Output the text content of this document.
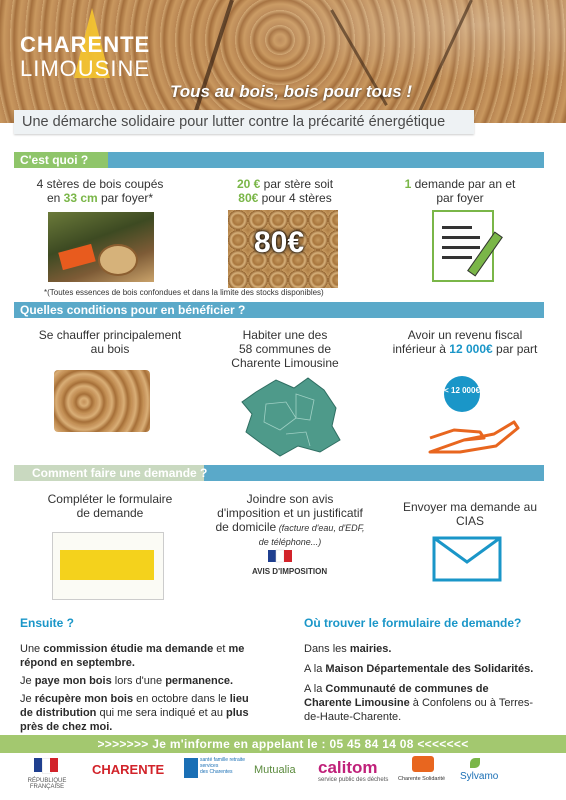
CHARENTE
LIMOUSINE
Tous au bois, bois pour tous !
Une démarche solidaire pour lutter contre la précarité énergétique
C'est quoi ?
4 stères de bois coupés
en 33 cm par foyer*
20 € par stère soit
80€ pour 4 stères
1 demande par an et
par foyer
80€
*(Toutes essences de bois confondues et dans la limite des stocks disponibles)
Quelles conditions pour en bénéficier ?
Se chauffer principalement
au bois
Habiter une des
58 communes de
Charente Limousine
Avoir un revenu fiscal
inférieur à 12 000€ par part
< 12 000€
Comment faire une demande ?
Compléter le formulaire
de demande
Joindre son avis
d'imposition et un justificatif
de domicile (facture d'eau, d'EDF,
de téléphone...)
Envoyer ma demande au
CIAS
AVIS D'IMPOSITION
Ensuite ?
Une commission étudie ma demande et me
répond en septembre.
Je paye mon bois lors d'une permanence.
Je récupère mon bois en octobre dans le lieu
de distribution qui me sera indiqué et au plus
près de chez moi.
Où trouver le formulaire de demande?
Dans les mairies.
A la Maison Départementale des Solidarités.
A la Communauté de communes de
Charente Limousine à Confolens ou à Terres-
de-Haute-Charente.
>>>>>>> Je m'informe en appelant le : 05 45 84 14 08 <<<<<<<
RÉPUBLIQUE FRANÇAISE
CHARENTE
santé famille retraite services
des Charentes	Mutualia calitom
service public des déchets Charente Solidarité Sylvamo
